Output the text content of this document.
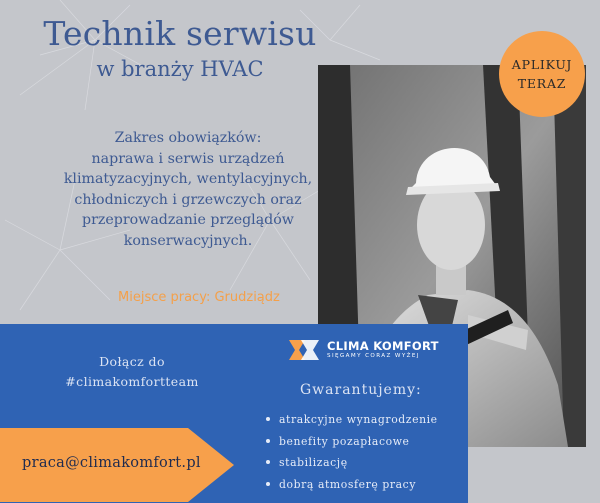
Technik serwisu
w branży HVAC
Zakres obowiązków:
naprawa i serwis urządzeń
klimatyzacyjnych, wentylacyjnych,
chłodniczych i grzewczych oraz
przeprowadzanie przeglądów
konserwacyjnych.
Miejsce pracy: Grudziądz
APLIKUJ
TERAZ
Dołącz do
#climakomfortteam
CLIMA KOMFORT
SIĘGAMY CORAZ WYŻEJ
Gwarantujemy:
atrakcyjne wynagrodzenie
benefity pozapłacowe
stabilizację
dobrą atmosferę pracy
praca@climakomfort.pl
